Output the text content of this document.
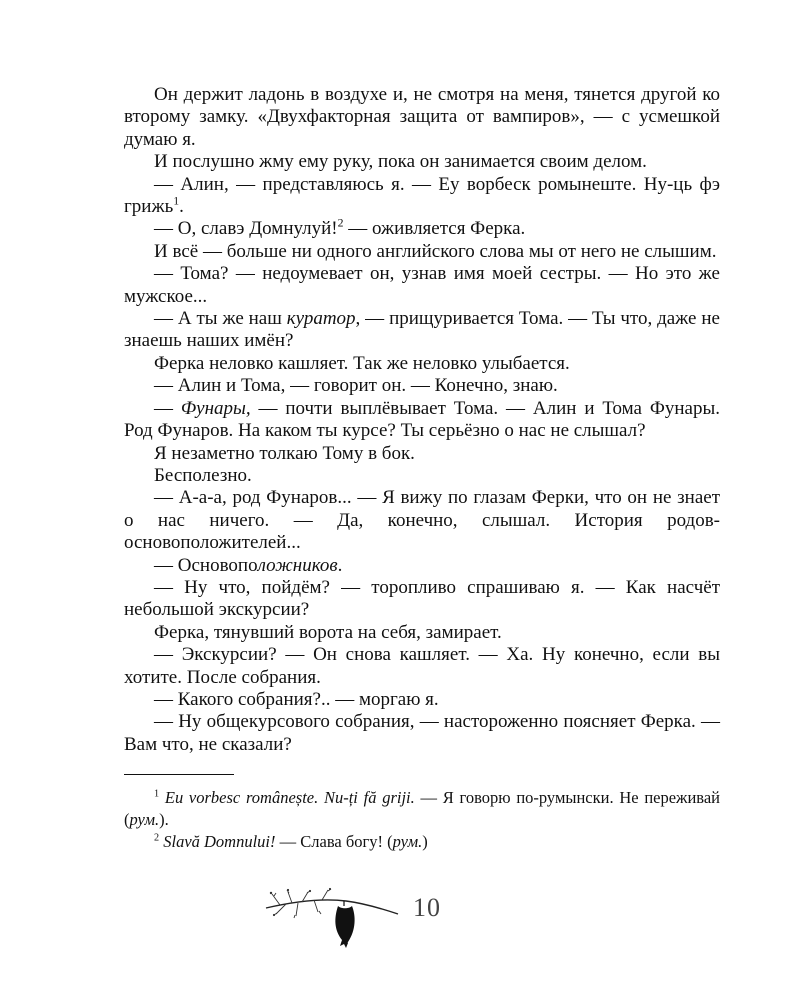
Он держит ладонь в воздухе и, не смотря на меня, тянется другой ко второму замку. «Двухфакторная защита от вампиров», — с усмешкой думаю я.

И послушно жму ему руку, пока он занимается своим делом.

— Алин, — представляюсь я. — Еу ворбеск ромынеште. Ну-ць фэ грижь$^1$.

— О, славэ Домнулуй!$^2$ — оживляется Ферка.

И всё — больше ни одного английского слова мы от него не слышим.

— Тома? — недоумевает он, узнав имя моей сестры. — Но это же мужское...

— А ты же наш куратор, — прищуривается Тома. — Ты что, даже не знаешь наших имён?

Ферка неловко кашляет. Так же неловко улыбается.

— Алин и Тома, — говорит он. — Конечно, знаю.

— Фунары, — почти выплёвывает Тома. — Алин и Тома Фунары. Род Фунаров. На каком ты курсе? Ты серьёзно о нас не слышал?

Я незаметно толкаю Тому в бок.

Бесполезно.

— А-а-а, род Фунаров... — Я вижу по глазам Ферки, что он не знает о нас ничего. — Да, конечно, слышал. История родов-основоположителей...

— Основоположников.

— Ну что, пойдём? — торопливо спрашиваю я. — Как насчёт небольшой экскурсии?

Ферка, тянувший ворота на себя, замирает.

— Экскурсии? — Он снова кашляет. — Ха. Ну конечно, если вы хотите. После собрания.

— Какого собрания?.. — моргаю я.

— Ну общекурсового собрания, — настороженно поясняет Ферка. — Вам что, не сказали?

$^1$ Eu vorbesc românește. Nu-ți fă griji. — Я говорю по-румынски. Не переживай (рум.).

$^2$ Slavă Domnului! — Слава богу! (рум.)

10
